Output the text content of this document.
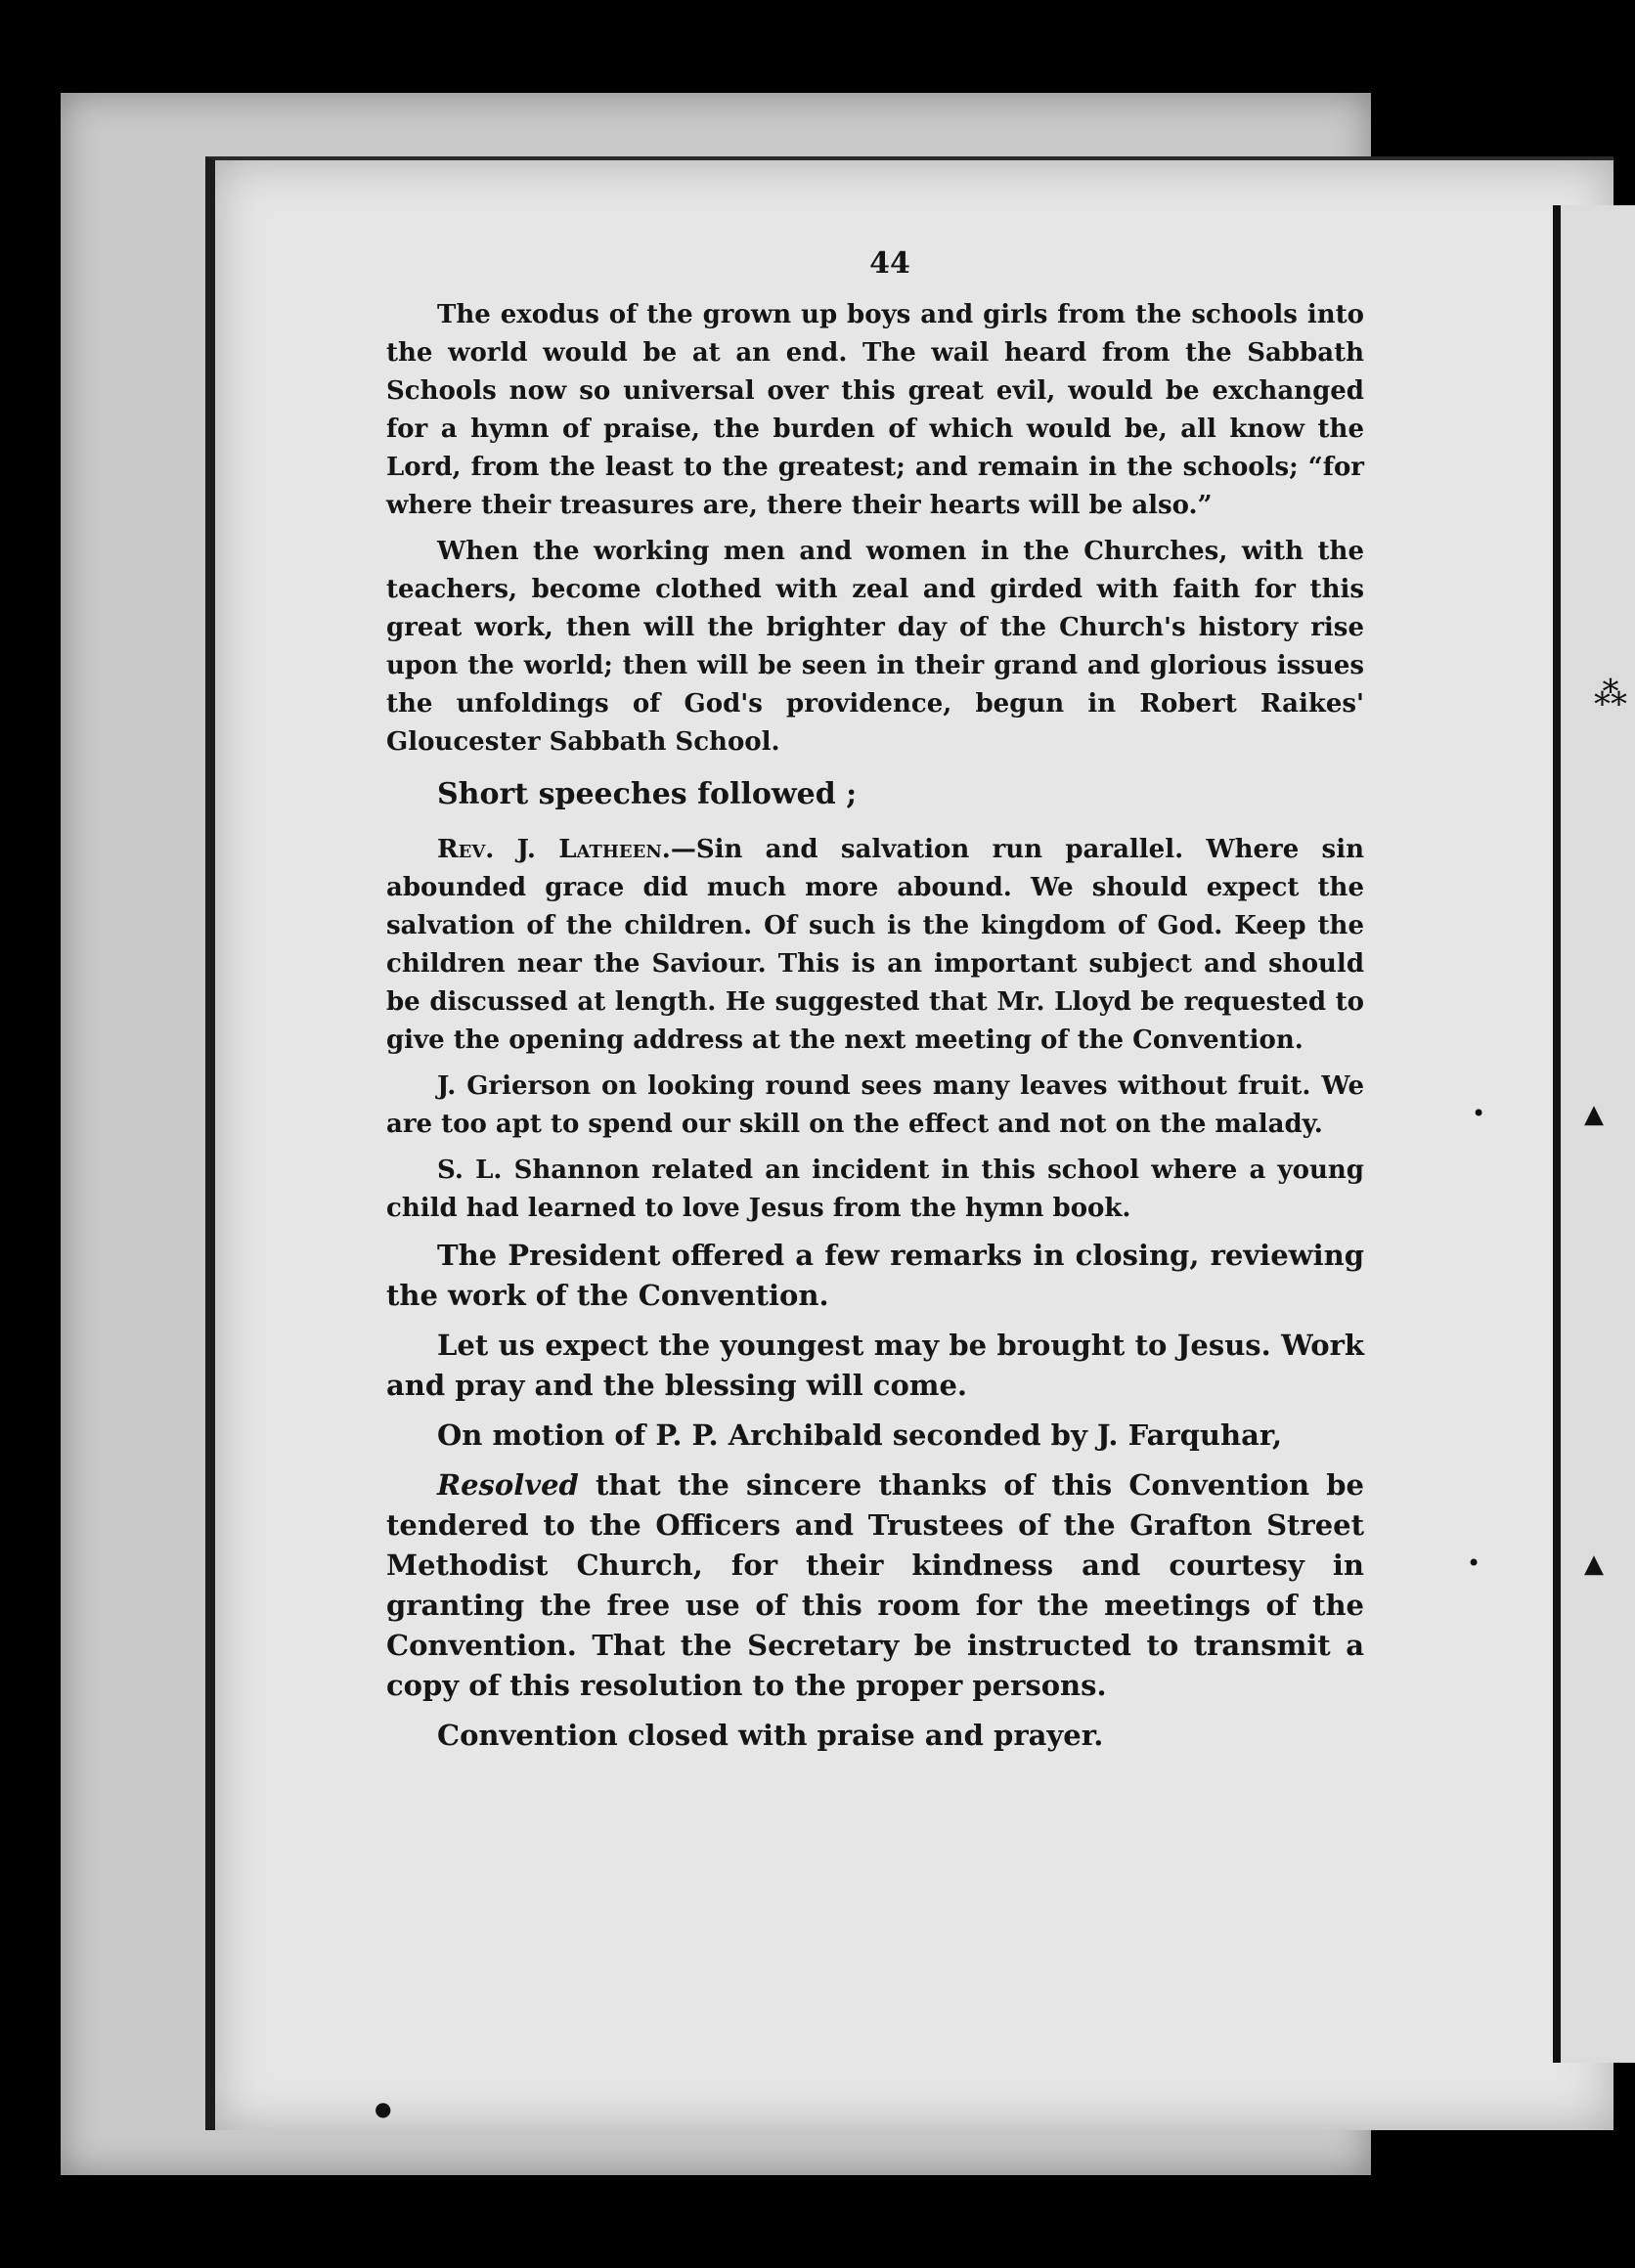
⁂
•	▲
•	▲
●
44

The exodus of the grown up boys and girls from the schools into the world would be at an end. The wail heard from the Sabbath Schools now so universal over this great evil, would be exchanged for a hymn of praise, the burden of which would be, all know the Lord, from the least to the greatest; and remain in the schools; “for where their treasures are, there their hearts will be also.”

When the working men and women in the Churches, with the teachers, become clothed with zeal and girded with faith for this great work, then will the brighter day of the Church's history rise upon the world; then will be seen in their grand and glorious issues the unfoldings of God's providence, begun in Robert Raikes' Gloucester Sabbath School.

Short speeches followed ;

Rev. J. Latheen.—Sin and salvation run parallel. Where sin abounded grace did much more abound. We should expect the salvation of the children. Of such is the kingdom of God. Keep the children near the Saviour. This is an important subject and should be discussed at length. He suggested that Mr. Lloyd be requested to give the opening address at the next meeting of the Convention.

J. Grierson on looking round sees many leaves without fruit. We are too apt to spend our skill on the effect and not on the malady.

S. L. Shannon related an incident in this school where a young child had learned to love Jesus from the hymn book.

The President offered a few remarks in closing, reviewing the work of the Convention.

Let us expect the youngest may be brought to Jesus. Work and pray and the blessing will come.

On motion of P. P. Archibald seconded by J. Farquhar,

Resolved that the sincere thanks of this Convention be tendered to the Officers and Trustees of the Grafton Street Methodist Church, for their kindness and courtesy in granting the free use of this room for the meetings of the Convention. That the Secretary be instructed to transmit a copy of this resolution to the proper persons.

Convention closed with praise and prayer.
